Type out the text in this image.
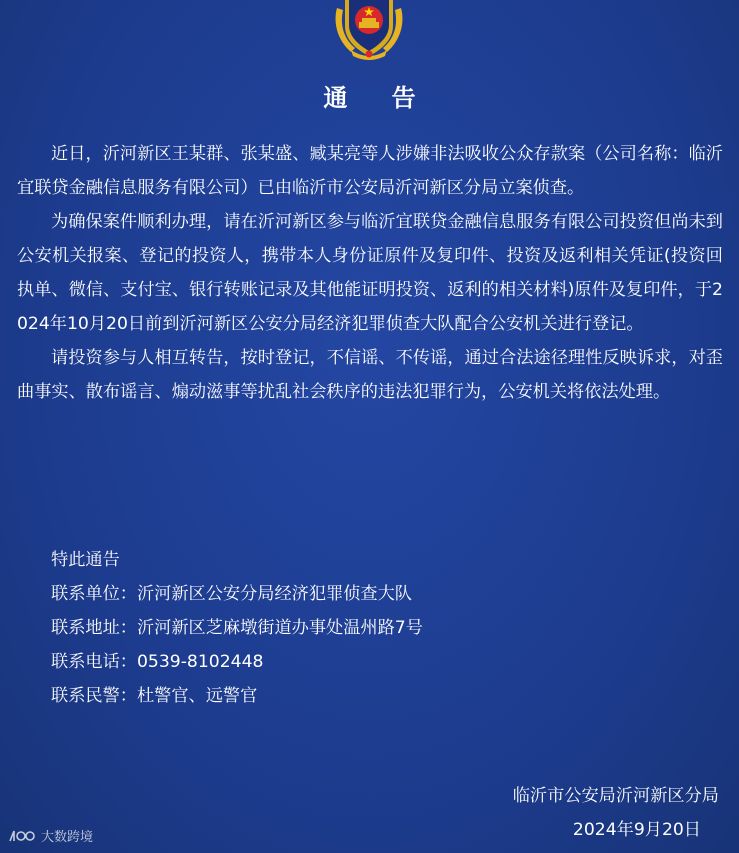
通 告

近日，沂河新区王某群、张某盛、臧某亮等人涉嫌非法吸收公众存款案（公司名称：临沂宜联贷金融信息服务有限公司）已由临沂市公安局沂河新区分局立案侦查。

为确保案件顺利办理，请在沂河新区参与临沂宜联贷金融信息服务有限公司投资但尚未到公安机关报案、登记的投资人，携带本人身份证原件及复印件、投资及返利相关凭证(投资回执单、微信、支付宝、银行转账记录及其他能证明投资、返利的相关材料)原件及复印件，于2024年10月20日前到沂河新区公安分局经济犯罪侦查大队配合公安机关进行登记。

请投资参与人相互转告，按时登记，不信谣、不传谣，通过合法途径理性反映诉求，对歪曲事实、散布谣言、煽动滋事等扰乱社会秩序的违法犯罪行为，公安机关将依法处理。

特此通告
联系单位：沂河新区公安分局经济犯罪侦查大队
联系地址：沂河新区芝麻墩街道办事处温州路7号
联系电话：0539-8102448
联系民警：杜警官、远警官
临沂市公安局沂河新区分局
2024年9月20日
大数跨境
